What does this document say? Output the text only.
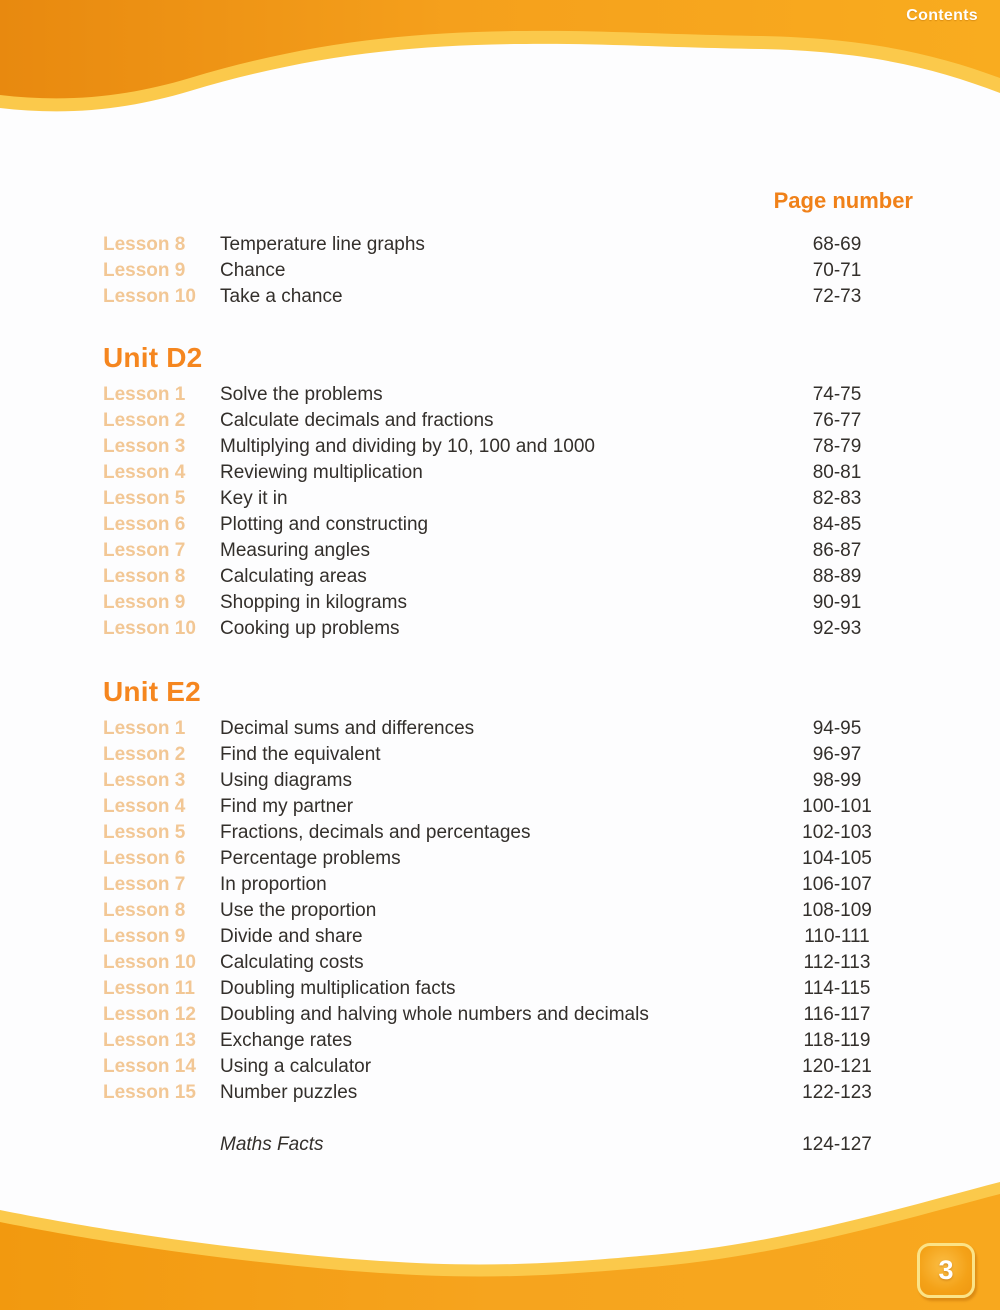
Contents
Page number
Lesson 8	Temperature line graphs	68-69
Lesson 9	Chance	70-71
Lesson 10	Take a chance	72-73
Unit D2
Lesson 1	Solve the problems	74-75
Lesson 2	Calculate decimals and fractions	76-77
Lesson 3	Multiplying and dividing by 10, 100 and 1000	78-79
Lesson 4	Reviewing multiplication	80-81
Lesson 5	Key it in	82-83
Lesson 6	Plotting and constructing	84-85
Lesson 7	Measuring angles	86-87
Lesson 8	Calculating areas	88-89
Lesson 9	Shopping in kilograms	90-91
Lesson 10	Cooking up problems	92-93
Unit E2
Lesson 1	Decimal sums and differences	94-95
Lesson 2	Find the equivalent	96-97
Lesson 3	Using diagrams	98-99
Lesson 4	Find my partner	100-101
Lesson 5	Fractions, decimals and percentages	102-103
Lesson 6	Percentage problems	104-105
Lesson 7	In proportion	106-107
Lesson 8	Use the proportion	108-109
Lesson 9	Divide and share	110-111
Lesson 10	Calculating costs	112-113
Lesson 11	Doubling multiplication facts	114-115
Lesson 12	Doubling and halving whole numbers and decimals	116-117
Lesson 13	Exchange rates	118-119
Lesson 14	Using a calculator	120-121
Lesson 15	Number puzzles	122-123
Maths Facts	124-127
3
